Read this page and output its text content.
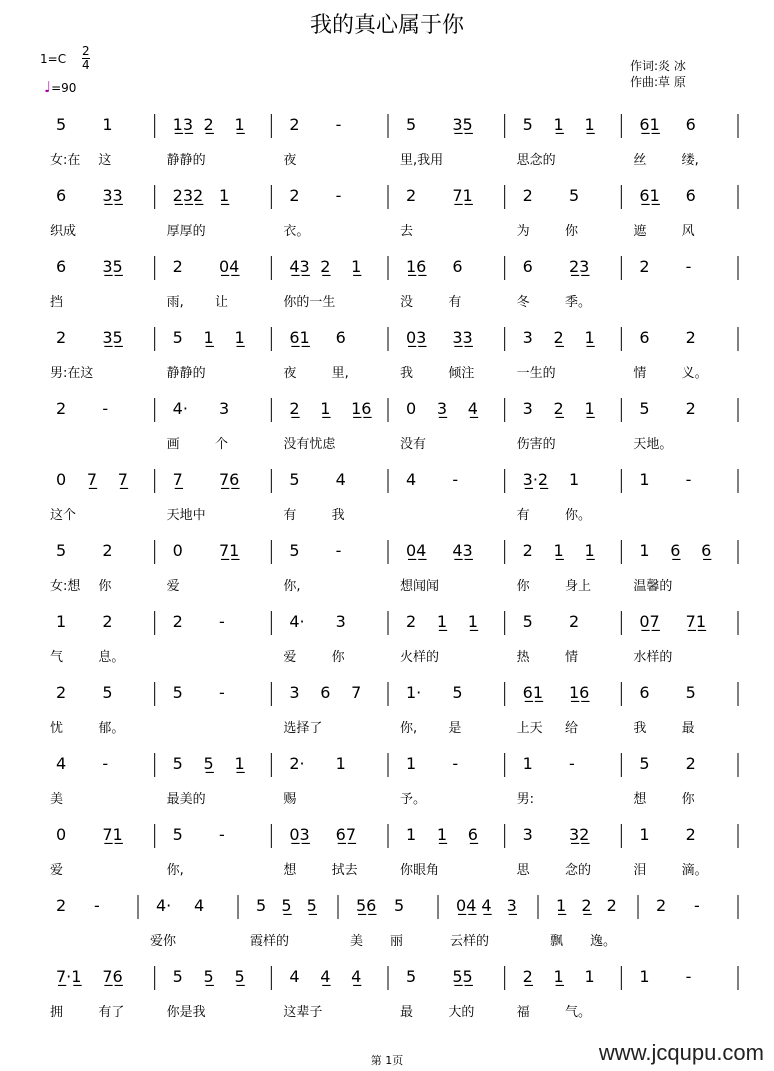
我的真心属于你
1=C
2
4
♩=90
作词:炎 冰
作曲:草 原
5 1
女:在 这
1̲3̲ 2̲ 1̲
静静的
2 -
夜
5 3̲5̲
里,我用
5 1̲ 1̲
思念的
6̲1̲ 6
丝	缕,
6 3̲3̲
织成
2̲3̲2̲ 1̲
厚厚的
2 -
衣。
2 7̲1̲
去
2 5
为	你
6̲1̲ 6
遮	风
6 3̲5̲
挡
2 0̲4̲
雨, 让
4̲3̲ 2̲ 1̲
你的一生
1̲6̲ 6
没	有
6 2̲3̲
冬	季。
2 -
2 3̲5̲
男:在这
5 1̲ 1̲
静静的
6̲1̲ 6
夜	里,
0̲3̲ 3̲3̲
我	倾注
3 2̲ 1̲
一生的
6 2
情	义。
2 -	4· 3
画	个
2̲ 1̲ 1̲6̲
没有忧虑
0 3̲ 4̲
没有
3 2̲ 1̲
伤害的
5 2
天地。
0 7̲ 7̲
这个
7̲ 7̲6̲
天地中
5 4
有	我
4 -	3̲·2̲ 1
有	你。
1 -
5 2
女:想 你
0 7̲1̲
爱
5 -
你,
0̲4̲ 4̲3̲
想闻闻
2 1̲ 1̲
你	身上
1 6̲ 6̲
温馨的
1 2
气	息。
2 -	4· 3
爱	你
2 1̲ 1̲
火样的
5 2
热	情
0̲7̲ 7̲1̲
水样的
2 5
忧	郁。
5 -	3 6 7
选择了
1· 5
你, 是
6̲1̲ 1̲6̲
上天 给
6 5
我	最
4 -
美
5 5̲ 1̲
最美的
2· 1
赐
1 -
予。
1 -
男:
5 2
想	你
0 7̲1̲
爱
5 -
你,
0̲3̲ 6̲7̲
想	拭去
1 1̲ 6̲
你眼角
3 3̲2̲
思	念的
1 2
泪	滴。
2 -	4· 4
爱你
5 5̲ 5̲
霞样的
5̲6̲ 5
美 丽
0̲4̲ 4̲ 3̲
云样的
1̲ 2̲ 2
飘 逸。
2 -
7̲·1̲ 7̲6̲
拥	有了
5 5̲ 5̲
你是我
4 4̲ 4̲
这辈子
5 5̲5̲
最	大的
2̲ 1̲ 1
福	气。
1 -
第 1页	www.jcqupu.com
